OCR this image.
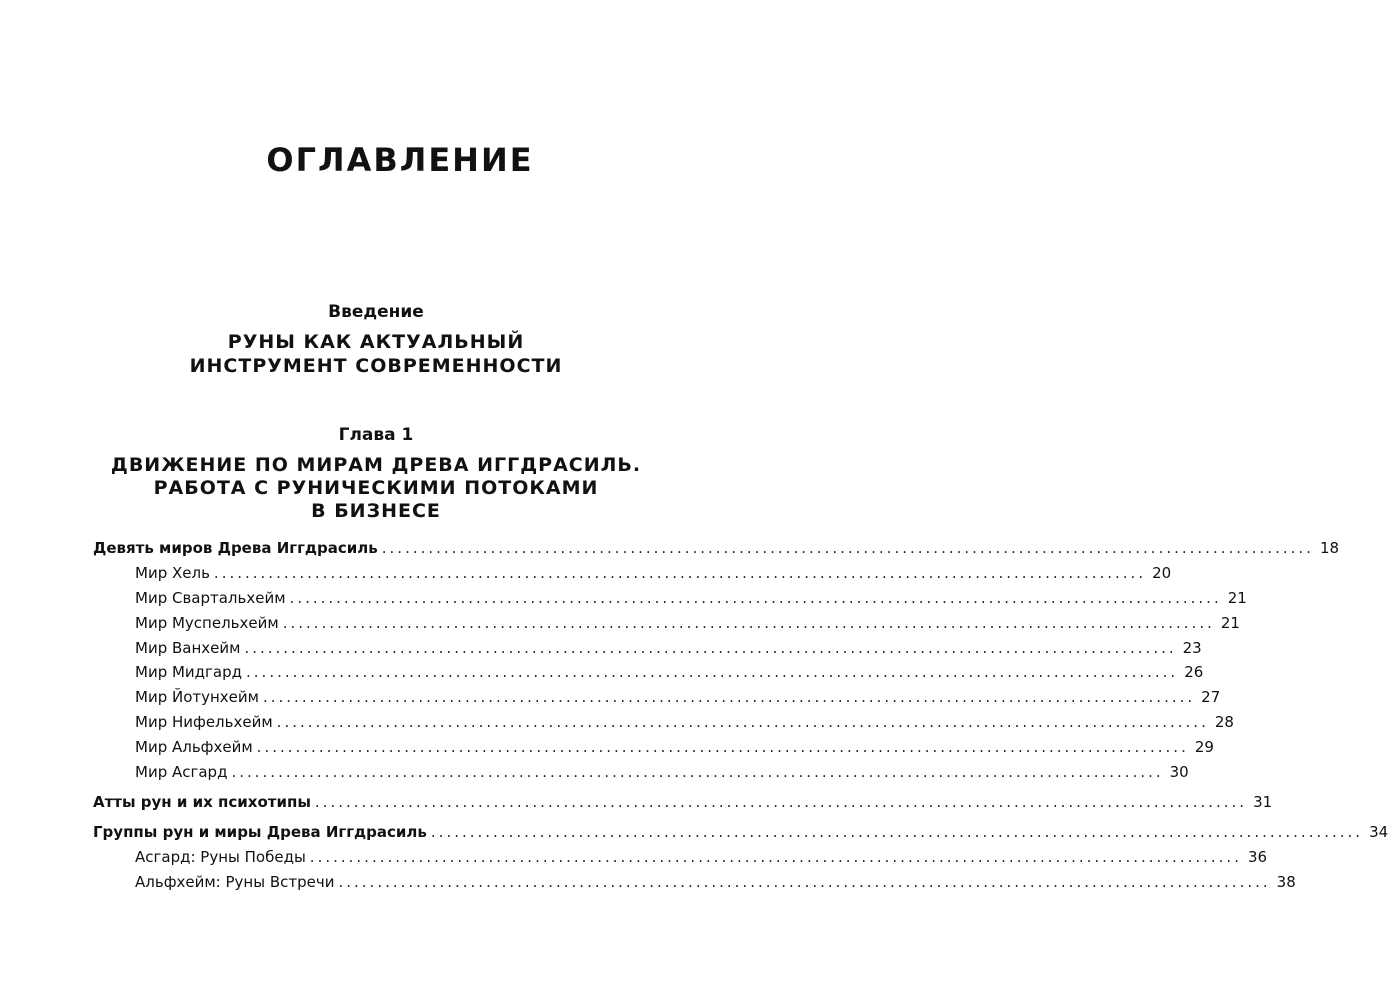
ОГЛАВЛЕНИЕ
Введение
РУНЫ КАК АКТУАЛЬНЫЙ
ИНСТРУМЕНТ СОВРЕМЕННОСТИ
Глава 1
ДВИЖЕНИЕ ПО МИРАМ ДРЕВА ИГГДРАСИЛЬ.
РАБОТА С РУНИЧЕСКИМИ ПОТОКАМИ
В БИЗНЕСЕ
Девять миров Древа Иггдрасиль ........................................................................................................................ 18
Мир Хель ........................................................................................................................ 20
Мир Свартальхейм ........................................................................................................................ 21
Мир Муспельхейм ........................................................................................................................ 21
Мир Ванхейм ........................................................................................................................ 23
Мир Мидгард ........................................................................................................................ 26
Мир Йотунхейм ........................................................................................................................ 27
Мир Нифельхейм ........................................................................................................................ 28
Мир Альфхейм ........................................................................................................................ 29
Мир Асгард ........................................................................................................................ 30
Атты рун и их психотипы ........................................................................................................................ 31
Группы рун и миры Древа Иггдрасиль ........................................................................................................................ 34
Асгард: Руны Победы ........................................................................................................................ 36
Альфхейм: Руны Встречи ........................................................................................................................ 38
